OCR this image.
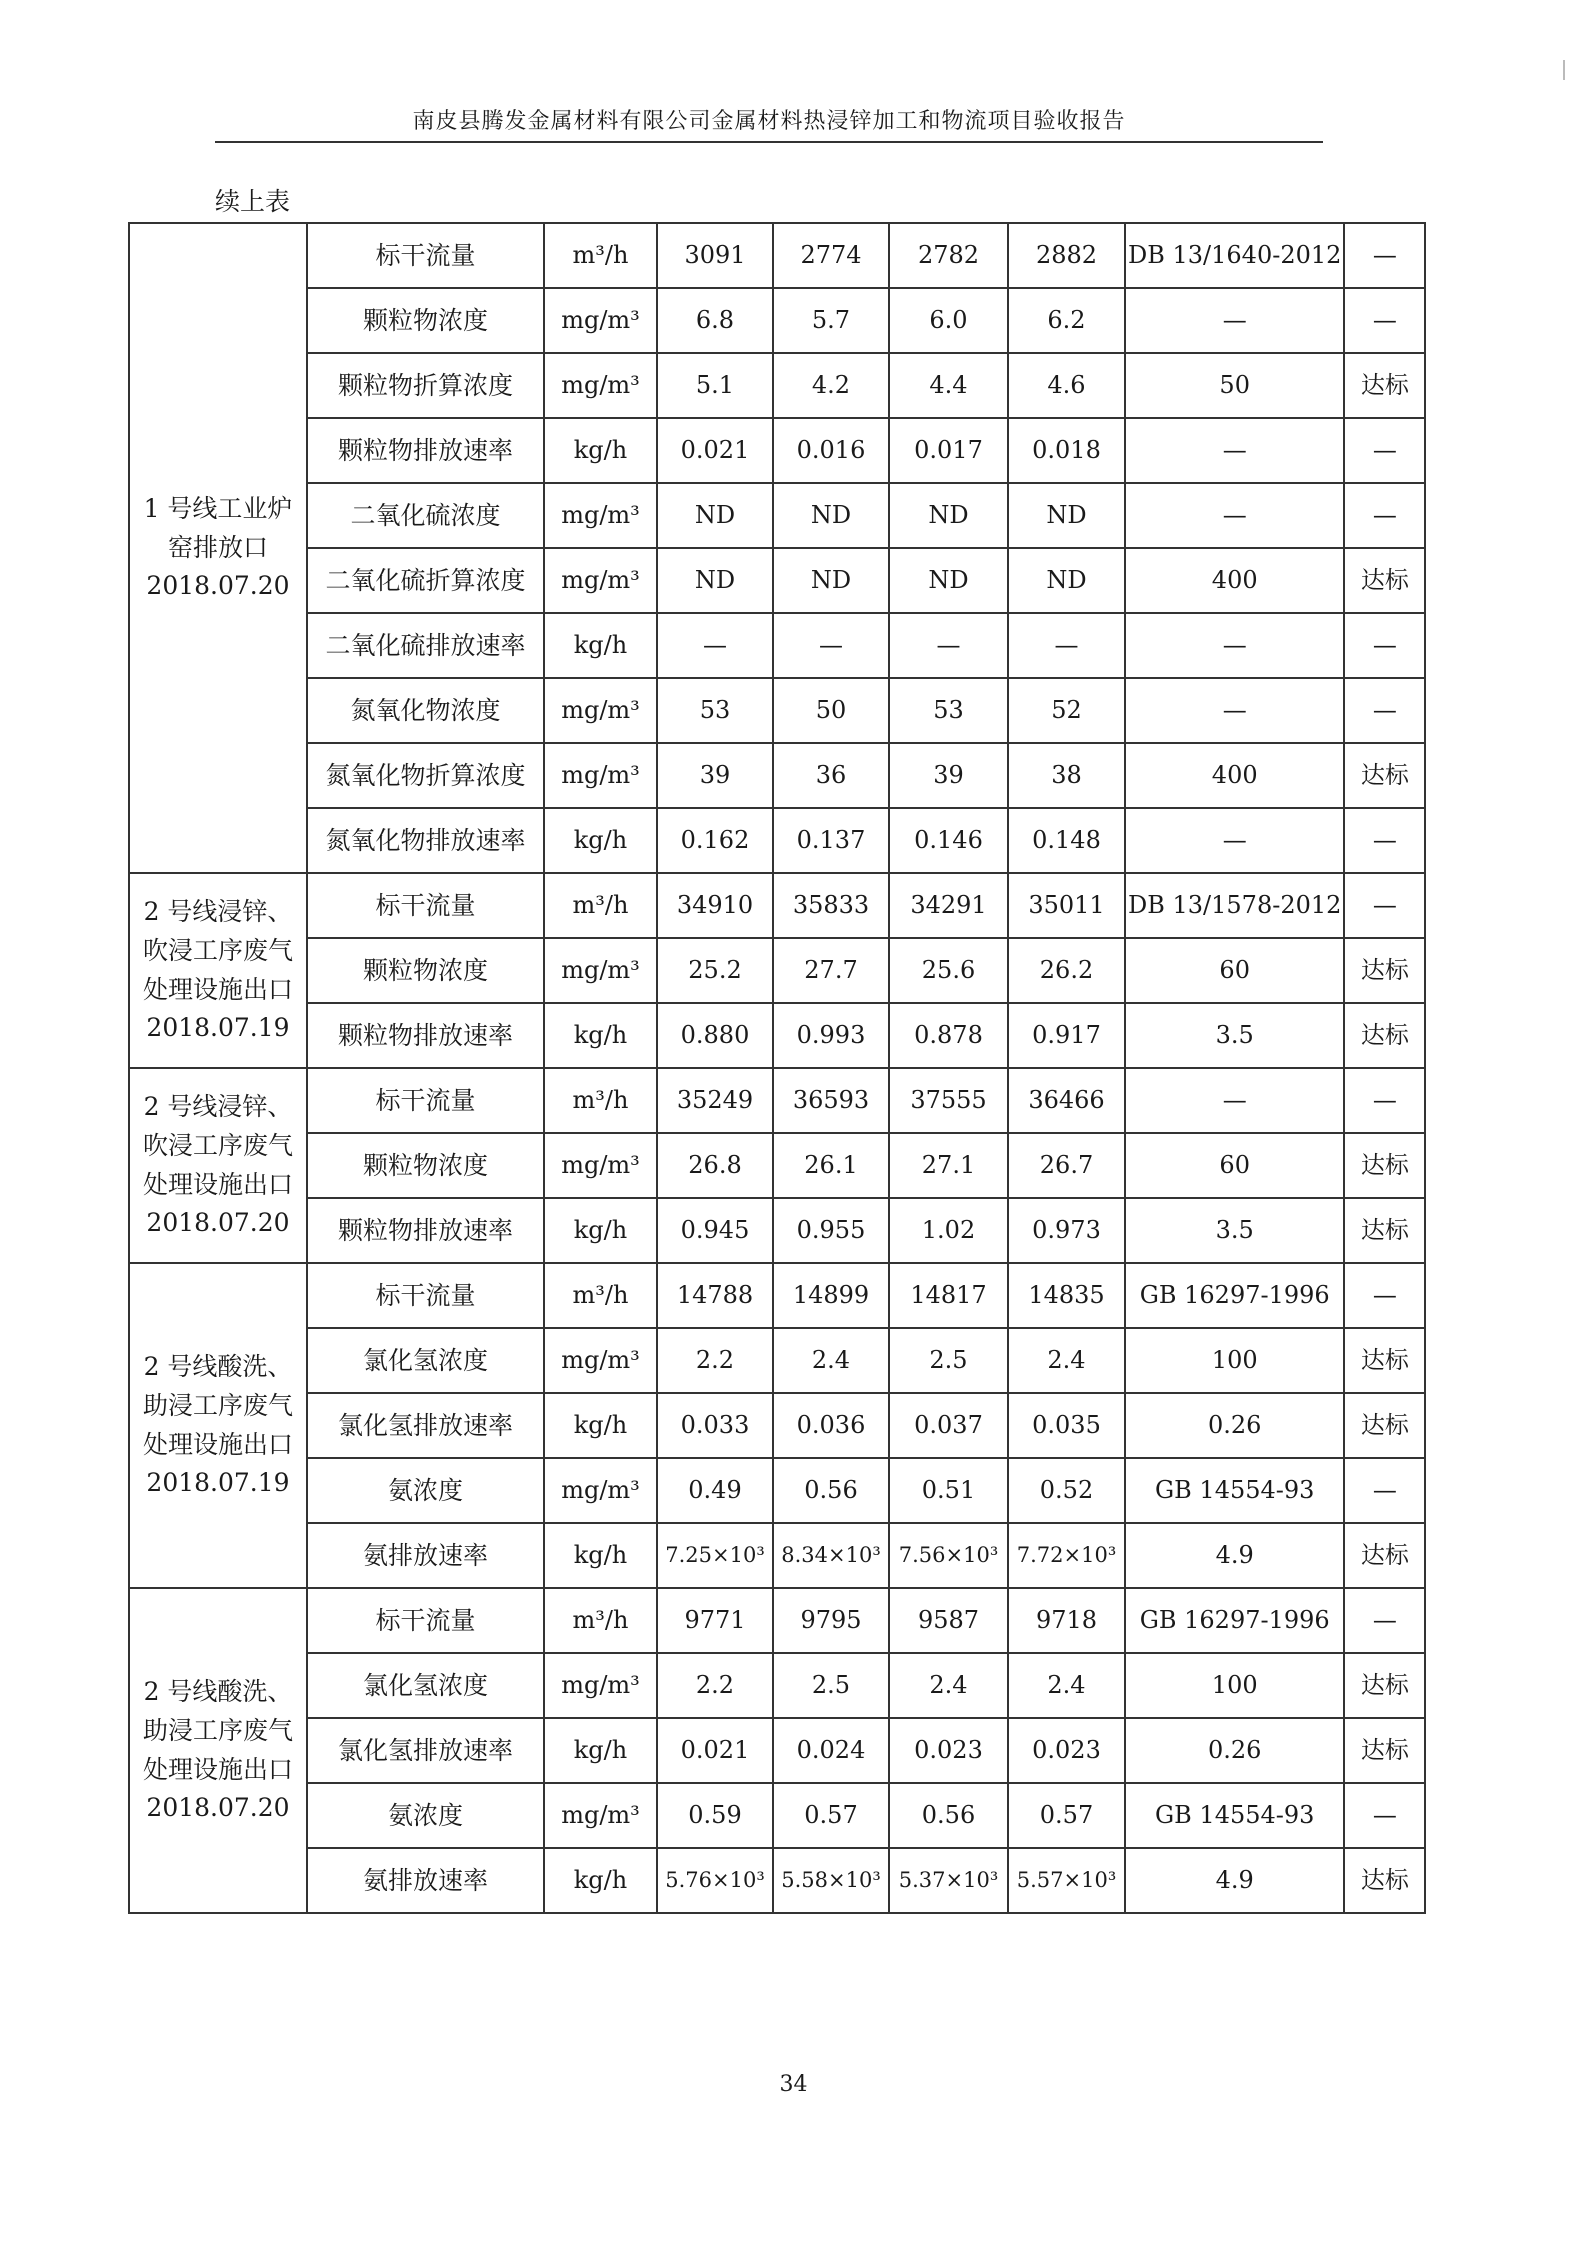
南皮县腾发金属材料有限公司金属材料热浸锌加工和物流项目验收报告
续上表
1 号线工业炉窑排放口 2018.07.20	标干流量	m³/h	3091	2774	2782	2882	DB 13/1640-2012	—
	颗粒物浓度	mg/m³	6.8	5.7	6.0	6.2	—	—
	颗粒物折算浓度	mg/m³	5.1	4.2	4.4	4.6	50	达标
	颗粒物排放速率	kg/h	0.021	0.016	0.017	0.018	—	—
	二氧化硫浓度	mg/m³	ND	ND	ND	ND	—	—
	二氧化硫折算浓度	mg/m³	ND	ND	ND	ND	400	达标
	二氧化硫排放速率	kg/h	—	—	—	—	—	—
	氮氧化物浓度	mg/m³	53	50	53	52	—	—
	氮氧化物折算浓度	mg/m³	39	36	39	38	400	达标
	氮氧化物排放速率	kg/h	0.162	0.137	0.146	0.148	—	—
2 号线浸锌、吹浸工序废气处理设施出口 2018.07.19	标干流量	m³/h	34910	35833	34291	35011	DB 13/1578-2012	—
	颗粒物浓度	mg/m³	25.2	27.7	25.6	26.2	60	达标
	颗粒物排放速率	kg/h	0.880	0.993	0.878	0.917	3.5	达标
2 号线浸锌、吹浸工序废气处理设施出口 2018.07.20	标干流量	m³/h	35249	36593	37555	36466	—	—
	颗粒物浓度	mg/m³	26.8	26.1	27.1	26.7	60	达标
	颗粒物排放速率	kg/h	0.945	0.955	1.02	0.973	3.5	达标
2 号线酸洗、助浸工序废气处理设施出口 2018.07.19	标干流量	m³/h	14788	14899	14817	14835	GB 16297-1996	—
	氯化氢浓度	mg/m³	2.2	2.4	2.5	2.4	100	达标
	氯化氢排放速率	kg/h	0.033	0.036	0.037	0.035	0.26	达标
	氨浓度	mg/m³	0.49	0.56	0.51	0.52	GB 14554-93	—
	氨排放速率	kg/h	7.25×10³	8.34×10³	7.56×10³	7.72×10³	4.9	达标
2 号线酸洗、助浸工序废气处理设施出口 2018.07.20	标干流量	m³/h	9771	9795	9587	9718	GB 16297-1996	—
	氯化氢浓度	mg/m³	2.2	2.5	2.4	2.4	100	达标
	氯化氢排放速率	kg/h	0.021	0.024	0.023	0.023	0.26	达标
	氨浓度	mg/m³	0.59	0.57	0.56	0.57	GB 14554-93	—
	氨排放速率	kg/h	5.76×10³	5.58×10³	5.37×10³	5.57×10³	4.9	达标
34
